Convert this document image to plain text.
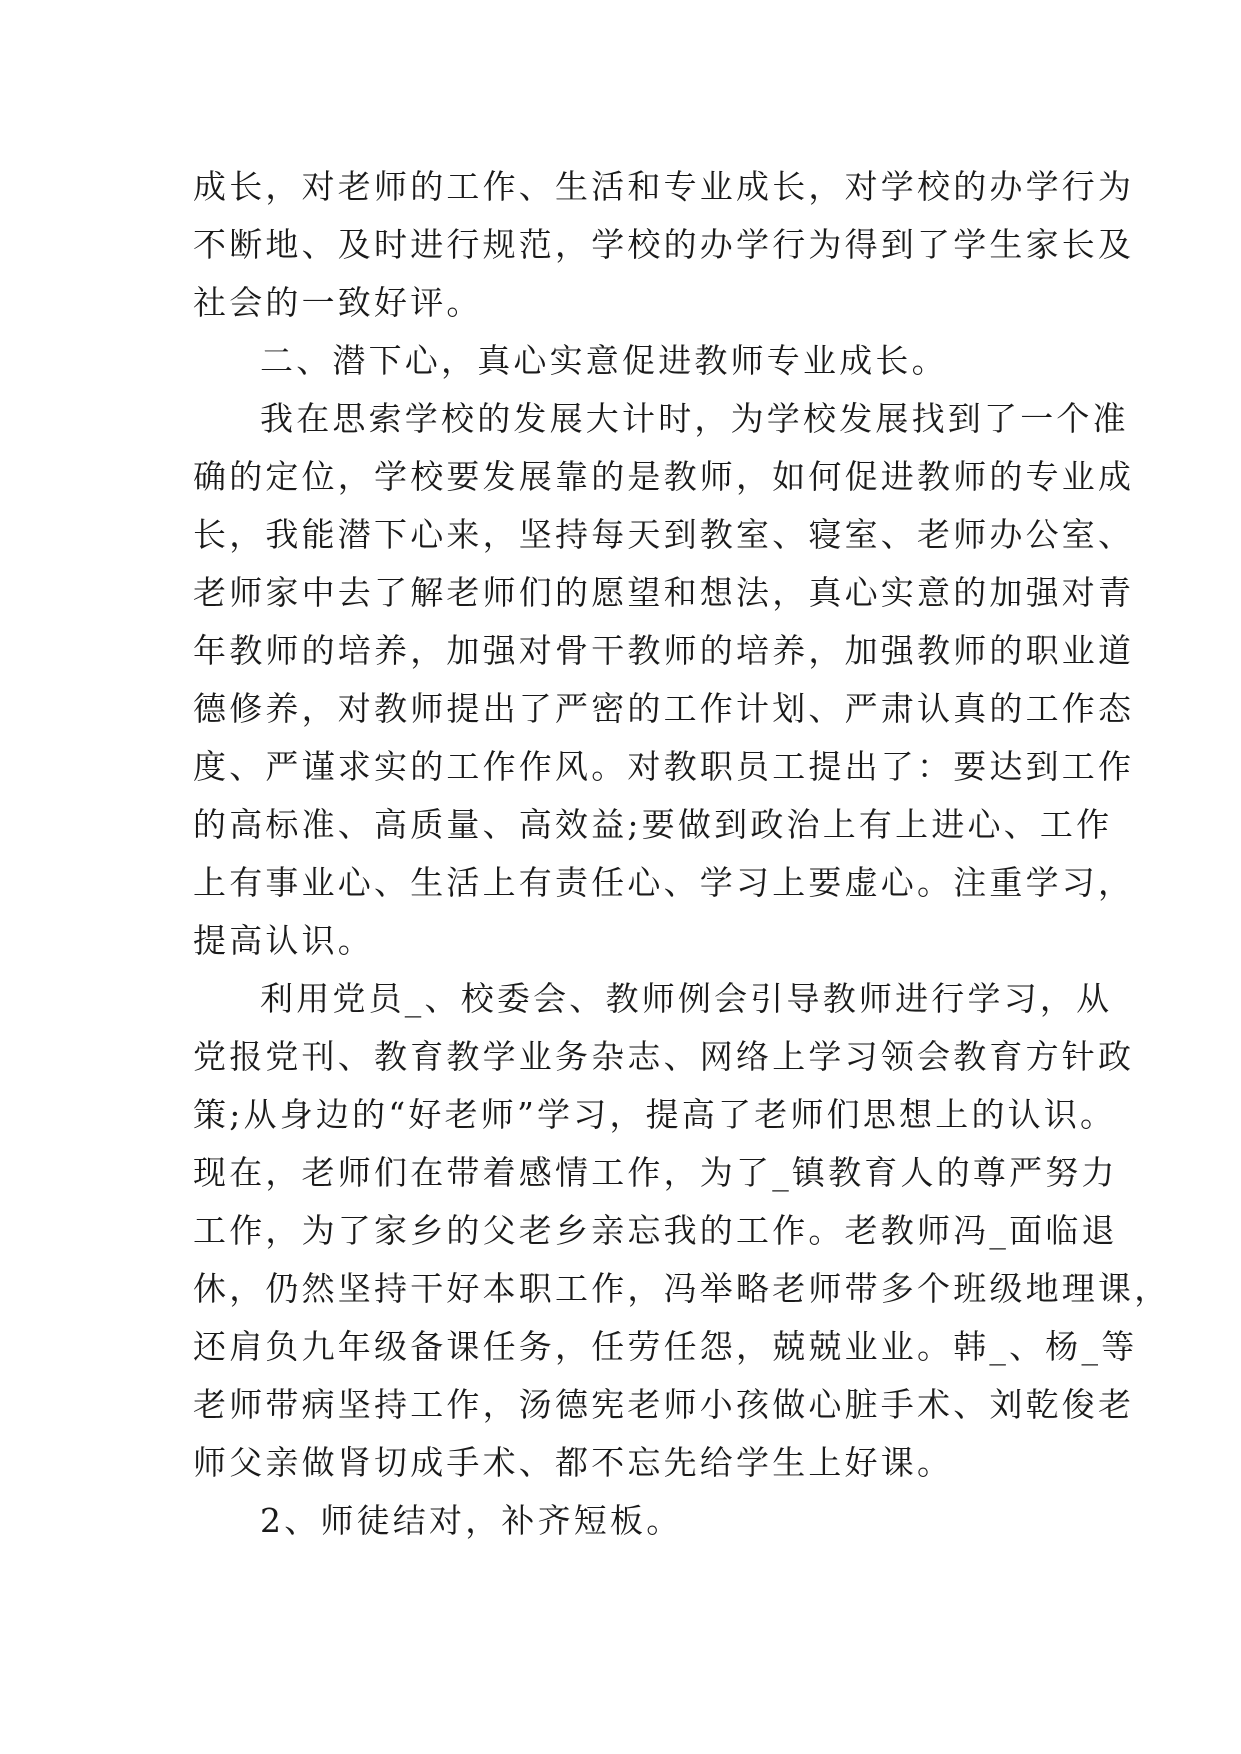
成长，对老师的工作、生活和专业成长，对学校的办学行为
不断地、及时进行规范，学校的办学行为得到了学生家长及
社会的一致好评。
二、潜下心，真心实意促进教师专业成长。
我在思索学校的发展大计时，为学校发展找到了一个准
确的定位，学校要发展靠的是教师，如何促进教师的专业成
长，我能潜下心来，坚持每天到教室、寝室、老师办公室、
老师家中去了解老师们的愿望和想法，真心实意的加强对青
年教师的培养，加强对骨干教师的培养，加强教师的职业道
德修养，对教师提出了严密的工作计划、严肃认真的工作态
度、严谨求实的工作作风。对教职员工提出了：要达到工作
的高标准、高质量、高效益;要做到政治上有上进心、工作
上有事业心、生活上有责任心、学习上要虚心。注重学习，
提高认识。
利用党员_、校委会、教师例会引导教师进行学习，从
党报党刊、教育教学业务杂志、网络上学习领会教育方针政
策;从身边的“好老师”学习，提高了老师们思想上的认识。
现在，老师们在带着感情工作，为了_镇教育人的尊严努力
工作，为了家乡的父老乡亲忘我的工作。老教师冯_面临退
休，仍然坚持干好本职工作，冯举略老师带多个班级地理课，
还肩负九年级备课任务，任劳任怨，兢兢业业。韩_、杨_等
老师带病坚持工作，汤德宪老师小孩做心脏手术、刘乾俊老
师父亲做肾切成手术、都不忘先给学生上好课。
2、师徒结对，补齐短板。
